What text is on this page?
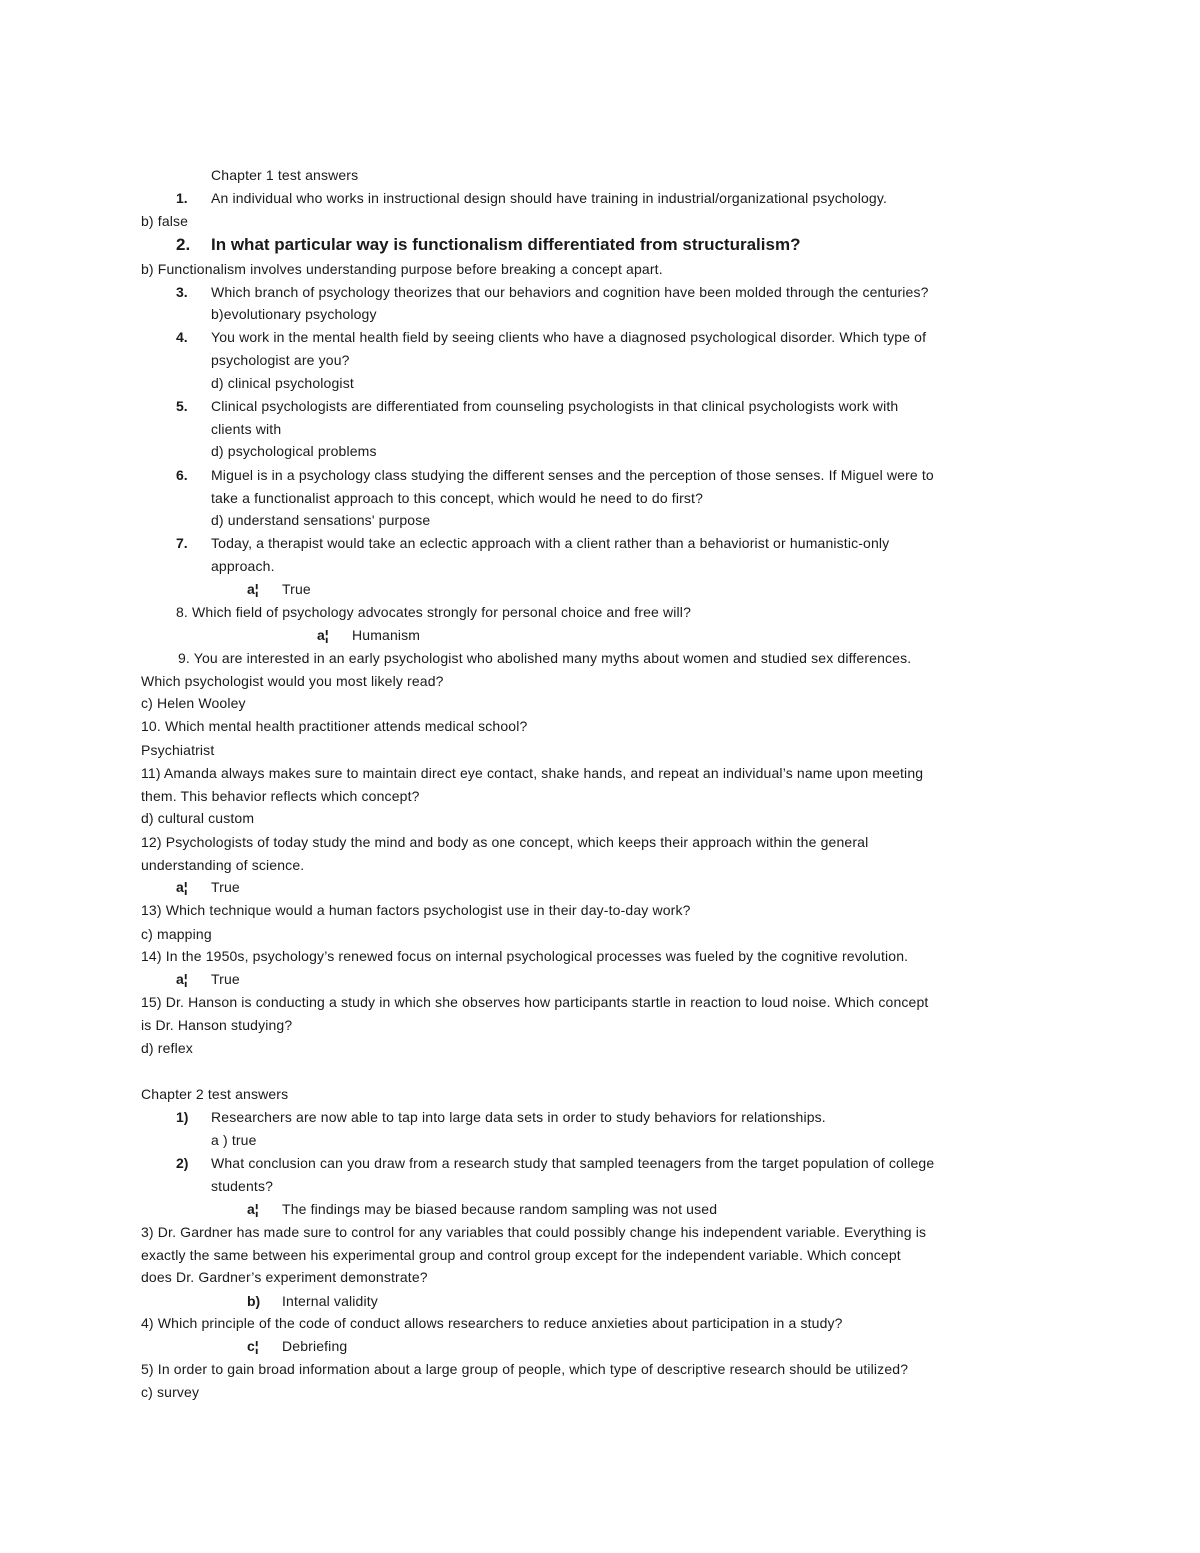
Chapter 1 test answers
1. An individual who works in instructional design should have training in industrial/organizational psychology.
b) false
2. In what particular way is functionalism differentiated from structuralism?
b) Functionalism involves understanding purpose before breaking a concept apart.
3. Which branch of psychology theorizes that our behaviors and cognition have been molded through the centuries?
b)evolutionary psychology
4. You work in the mental health field by seeing clients who have a diagnosed psychological disorder. Which type of
psychologist are you?
d) clinical psychologist
5. Clinical psychologists are differentiated from counseling psychologists in that clinical psychologists work with
clients with
d) psychological problems
6. Miguel is in a psychology class studying the different senses and the perception of those senses. If Miguel were to
take a functionalist approach to this concept, which would he need to do first?
d) understand sensations' purpose
7. Today, a therapist would take an eclectic approach with a client rather than a behaviorist or humanistic-only
approach.
a¦ True
8. Which field of psychology advocates strongly for personal choice and free will?
a¦ Humanism
9. You are interested in an early psychologist who abolished many myths about women and studied sex differences.
Which psychologist would you most likely read?
c) Helen Wooley
10. Which mental health practitioner attends medical school?
Psychiatrist
11) Amanda always makes sure to maintain direct eye contact, shake hands, and repeat an individual’s name upon meeting
them. This behavior reflects which concept?
d) cultural custom
12) Psychologists of today study the mind and body as one concept, which keeps their approach within the general
understanding of science.
a¦ True
13) Which technique would a human factors psychologist use in their day-to-day work?
c) mapping
14) In the 1950s, psychology’s renewed focus on internal psychological processes was fueled by the cognitive revolution.
a¦ True
15) Dr. Hanson is conducting a study in which she observes how participants startle in reaction to loud noise. Which concept
is Dr. Hanson studying?
d) reflex
Chapter 2 test answers
1) Researchers are now able to tap into large data sets in order to study behaviors for relationships.
a ) true
2) What conclusion can you draw from a research study that sampled teenagers from the target population of college
students?
a¦ The findings may be biased because random sampling was not used
3) Dr. Gardner has made sure to control for any variables that could possibly change his independent variable. Everything is
exactly the same between his experimental group and control group except for the independent variable. Which concept
does Dr. Gardner’s experiment demonstrate?
b) Internal validity
4) Which principle of the code of conduct allows researchers to reduce anxieties about participation in a study?
c¦ Debriefing
5) In order to gain broad information about a large group of people, which type of descriptive research should be utilized?
c) survey
